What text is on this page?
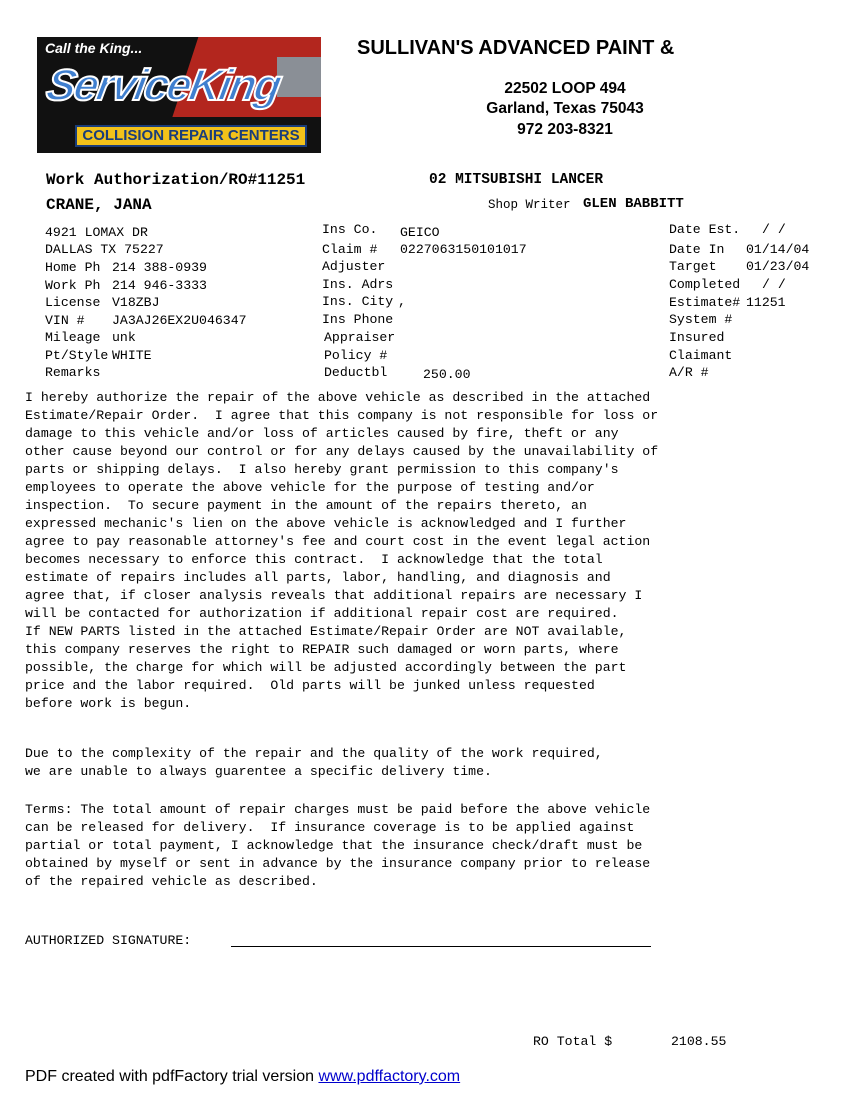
Call the King...
ServiceKing
COLLISION REPAIR CENTERS
SULLIVAN'S ADVANCED PAINT &
22502 LOOP 494
Garland, Texas 75043
972 203-8321
Work Authorization/RO#11251	02 MITSUBISHI LANCER
CRANE, JANA	Shop Writer GLEN BABBITT
4921 LOMAX DR
DALLAS TX 75227
Home Ph 214 388-0939
Work Ph 214 946-3333
License V18ZBJ
VIN # JA3AJ26EX2U046347
Mileage unk
Pt/Style WHITE
Remarks
Ins Co. GEICO
Claim # 0227063150101017
Adjuster
Ins. Adrs
Ins. City ,
Ins Phone
Appraiser
Policy #
Deductbl	250.00
Date Est. / /
Date In 01/14/04
Target 01/23/04
Completed / /
Estimate# 11251
System #
Insured
Claimant
A/R #
I hereby authorize the repair of the above vehicle as described in the attached
Estimate/Repair Order.  I agree that this company is not responsible for loss or
damage to this vehicle and/or loss of articles caused by fire, theft or any
other cause beyond our control or for any delays caused by the unavailability of
parts or shipping delays.  I also hereby grant permission to this company's
employees to operate the above vehicle for the purpose of testing and/or
inspection.  To secure payment in the amount of the repairs thereto, an
expressed mechanic's lien on the above vehicle is acknowledged and I further
agree to pay reasonable attorney's fee and court cost in the event legal action
becomes necessary to enforce this contract.  I acknowledge that the total
estimate of repairs includes all parts, labor, handling, and diagnosis and
agree that, if closer analysis reveals that additional repairs are necessary I
will be contacted for authorization if additional repair cost are required.
If NEW PARTS listed in the attached Estimate/Repair Order are NOT available,
this company reserves the right to REPAIR such damaged or worn parts, where
possible, the charge for which will be adjusted accordingly between the part
price and the labor required.  Old parts will be junked unless requested
before work is begun.
Due to the complexity of the repair and the quality of the work required,
we are unable to always guarentee a specific delivery time.
Terms: The total amount of repair charges must be paid before the above vehicle
can be released for delivery.  If insurance coverage is to be applied against
partial or total payment, I acknowledge that the insurance check/draft must be
obtained by myself or sent in advance by the insurance company prior to release
of the repaired vehicle as described.
AUTHORIZED SIGNATURE:
RO Total $	2108.55
PDF created with pdfFactory trial version www.pdffactory.com
